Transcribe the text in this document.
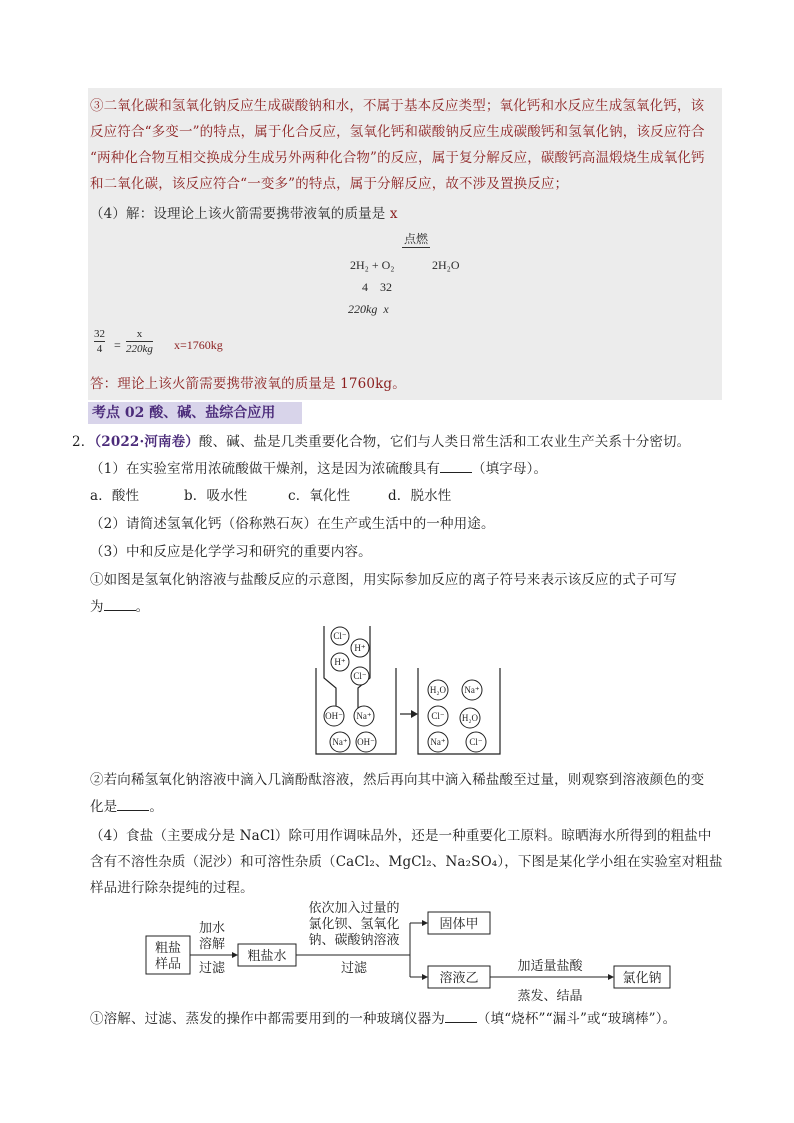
③二氧化碳和氢氧化钠反应生成碳酸钠和水，不属于基本反应类型；氧化钙和水反应生成氢氧化钙，该
反应符合“多变一”的特点，属于化合反应，氢氧化钙和碳酸钠反应生成碳酸钙和氢氧化钠，该反应符合
“两种化合物互相交换成分生成另外两种化合物”的反应，属于复分解反应，碳酸钙高温煅烧生成氧化钙
和二氧化碳，该反应符合“一变多”的特点，属于分解反应，故不涉及置换反应；
（4）解：设理论上该火箭需要携带液氧的质量是 x
点燃
2H₂ + O₂	2H₂O
4    32
220kg  x
32
4 =
x
220kg x=1760kg
答：理论上该火箭需要携带液氧的质量是 1760kg。
考点 02 酸、碱、盐综合应用
2．（2022·河南卷）酸、碱、盐是几类重要化合物，它们与人类日常生活和工农业生产关系十分密切。
（1）在实验室常用浓硫酸做干燥剂，这是因为浓硫酸具有 （填字母）。
a．酸性	b．吸水性	c．氧化性	d．脱水性
（2）请简述氢氧化钙（俗称熟石灰）在生产或生活中的一种用途。
（3）中和反应是化学学习和研究的重要内容。
①如图是氢氧化钠溶液与盐酸反应的示意图，用实际参加反应的离子符号来表示该反应的式子可写
为 。
Cl⁻
H⁺
H⁺
Cl⁻
OH⁻ Na⁺
Na⁺ OH⁻
H₂O Na⁺
Cl⁻ H₂O
Na⁺	Cl⁻
②若向稀氢氧化钠溶液中滴入几滴酚酞溶液，然后再向其中滴入稀盐酸至过量，则观察到溶液颜色的变
化是 。
（4）食盐（主要成分是 NaCl）除可用作调味品外，还是一种重要化工原料。晾晒海水所得到的粗盐中
含有不溶性杂质（泥沙）和可溶性杂质（CaCl₂、MgCl₂、Na₂SO₄），下图是某化学小组在实验室对粗盐
样品进行除杂提纯的过程。
粗盐
样品
加水
溶解
过滤
粗盐水
依次加入过量的
氯化钡、氢氧化
钠、碳酸钠溶液
过滤
固体甲
溶液乙
加适量盐酸
蒸发、结晶
氯化钠
①溶解、过滤、蒸发的操作中都需要用到的一种玻璃仪器为 （填“烧杯”“漏斗”或“玻璃棒”）。
